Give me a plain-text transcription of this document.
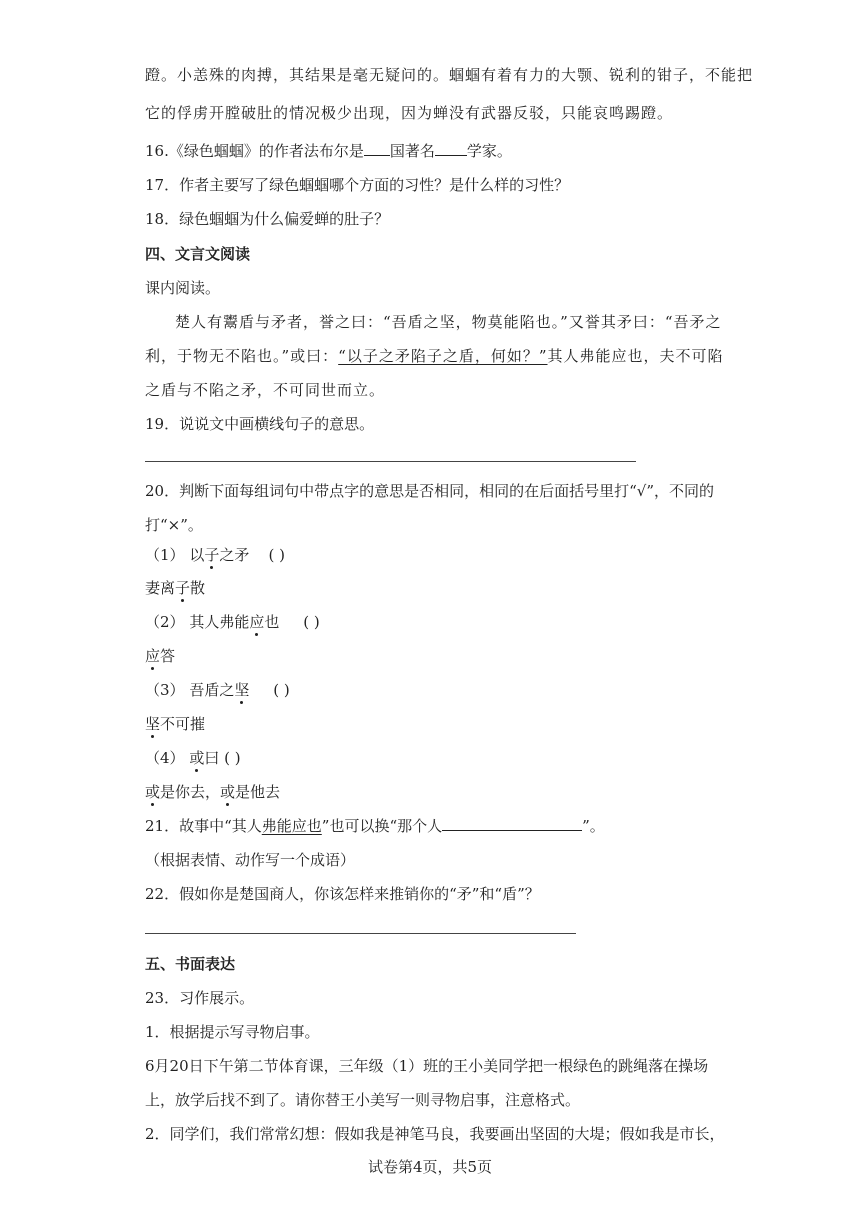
蹬。小恙殊的肉搏，其结果是毫无疑问的。蝈蝈有着有力的大颚、锐利的钳子，不能把
它的俘虏开膛破肚的情况极少出现，因为蝉没有武器反驳，只能哀鸣踢蹬。
16.《绿色蝈蝈》的作者法布尔是 国著名 学家。
17．作者主要写了绿色蝈蝈哪个方面的习性？是什么样的习性？
18．绿色蝈蝈为什么偏爱蝉的肚子？
四、文言文阅读
课内阅读。
楚人有鬻盾与矛者，誉之曰：“吾盾之坚，物莫能陷也。”又誉其矛曰：“吾矛之
利，于物无不陷也。”或曰：“以子之矛陷子之盾，何如？”其人弗能应也，夫不可陷
之盾与不陷之矛，不可同世而立。
19．说说文中画横线句子的意思。
20．判断下面每组词句中带点字的意思是否相同，相同的在后面括号里打“√”，不同的
打“×”。
（1） 以子之矛 ( )
妻离子散
（2） 其人弗能应也 ( )
应答
（3） 吾盾之坚 ( )
坚不可摧
（4） 或曰 ( )
或是你去，或是他去
21．故事中“其人弗能应也”也可以换“那个人	”。
（根据表情、动作写一个成语）
22．假如你是楚国商人，你该怎样来推销你的“矛”和“盾”？
五、书面表达
23．习作展示。
1．根据提示写寻物启事。
6月20日下午第二节体育课，三年级（1）班的王小美同学把一根绿色的跳绳落在操场
上，放学后找不到了。请你替王小美写一则寻物启事，注意格式。
2．同学们，我们常常幻想：假如我是神笔马良，我要画出坚固的大堤；假如我是市长，
试卷第4页，共5页
